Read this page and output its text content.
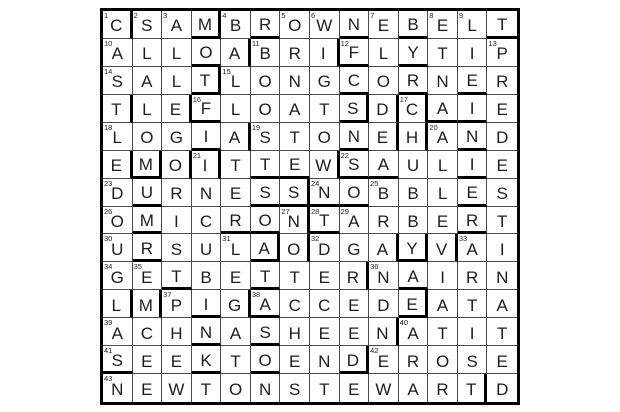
1
C
2
S
3
A M 4
B R 5
O
6
W N 7
E B 8
E
9
L T
10
A L L O A
11
B R I
12 F L Y T I
13
P
14
S A L T 15
L O N G C O R N E R
T L E
16 F L O A T S D
17
C A I E
18
L O G I A
19
S T O N E H
20
A N D
E M O
21
I T T E W
22 S A U L I E
23
D U R N E S S 24
N O 25
B B L E S
26
O M I C R O 27
N
28 T 29
A R B E R T
30
U R S U
31
L A O
32
D G A Y V
33
A I
34
G
35
E T B E T T E R
36
N A I R N
L M
37
P I G
38 A C C E D E A T A
39
A C H N A S H E E N
40
A T I T
41 S E E K T O E N D 42
E R O S E
43
N E W T O N S T E W A R T D
